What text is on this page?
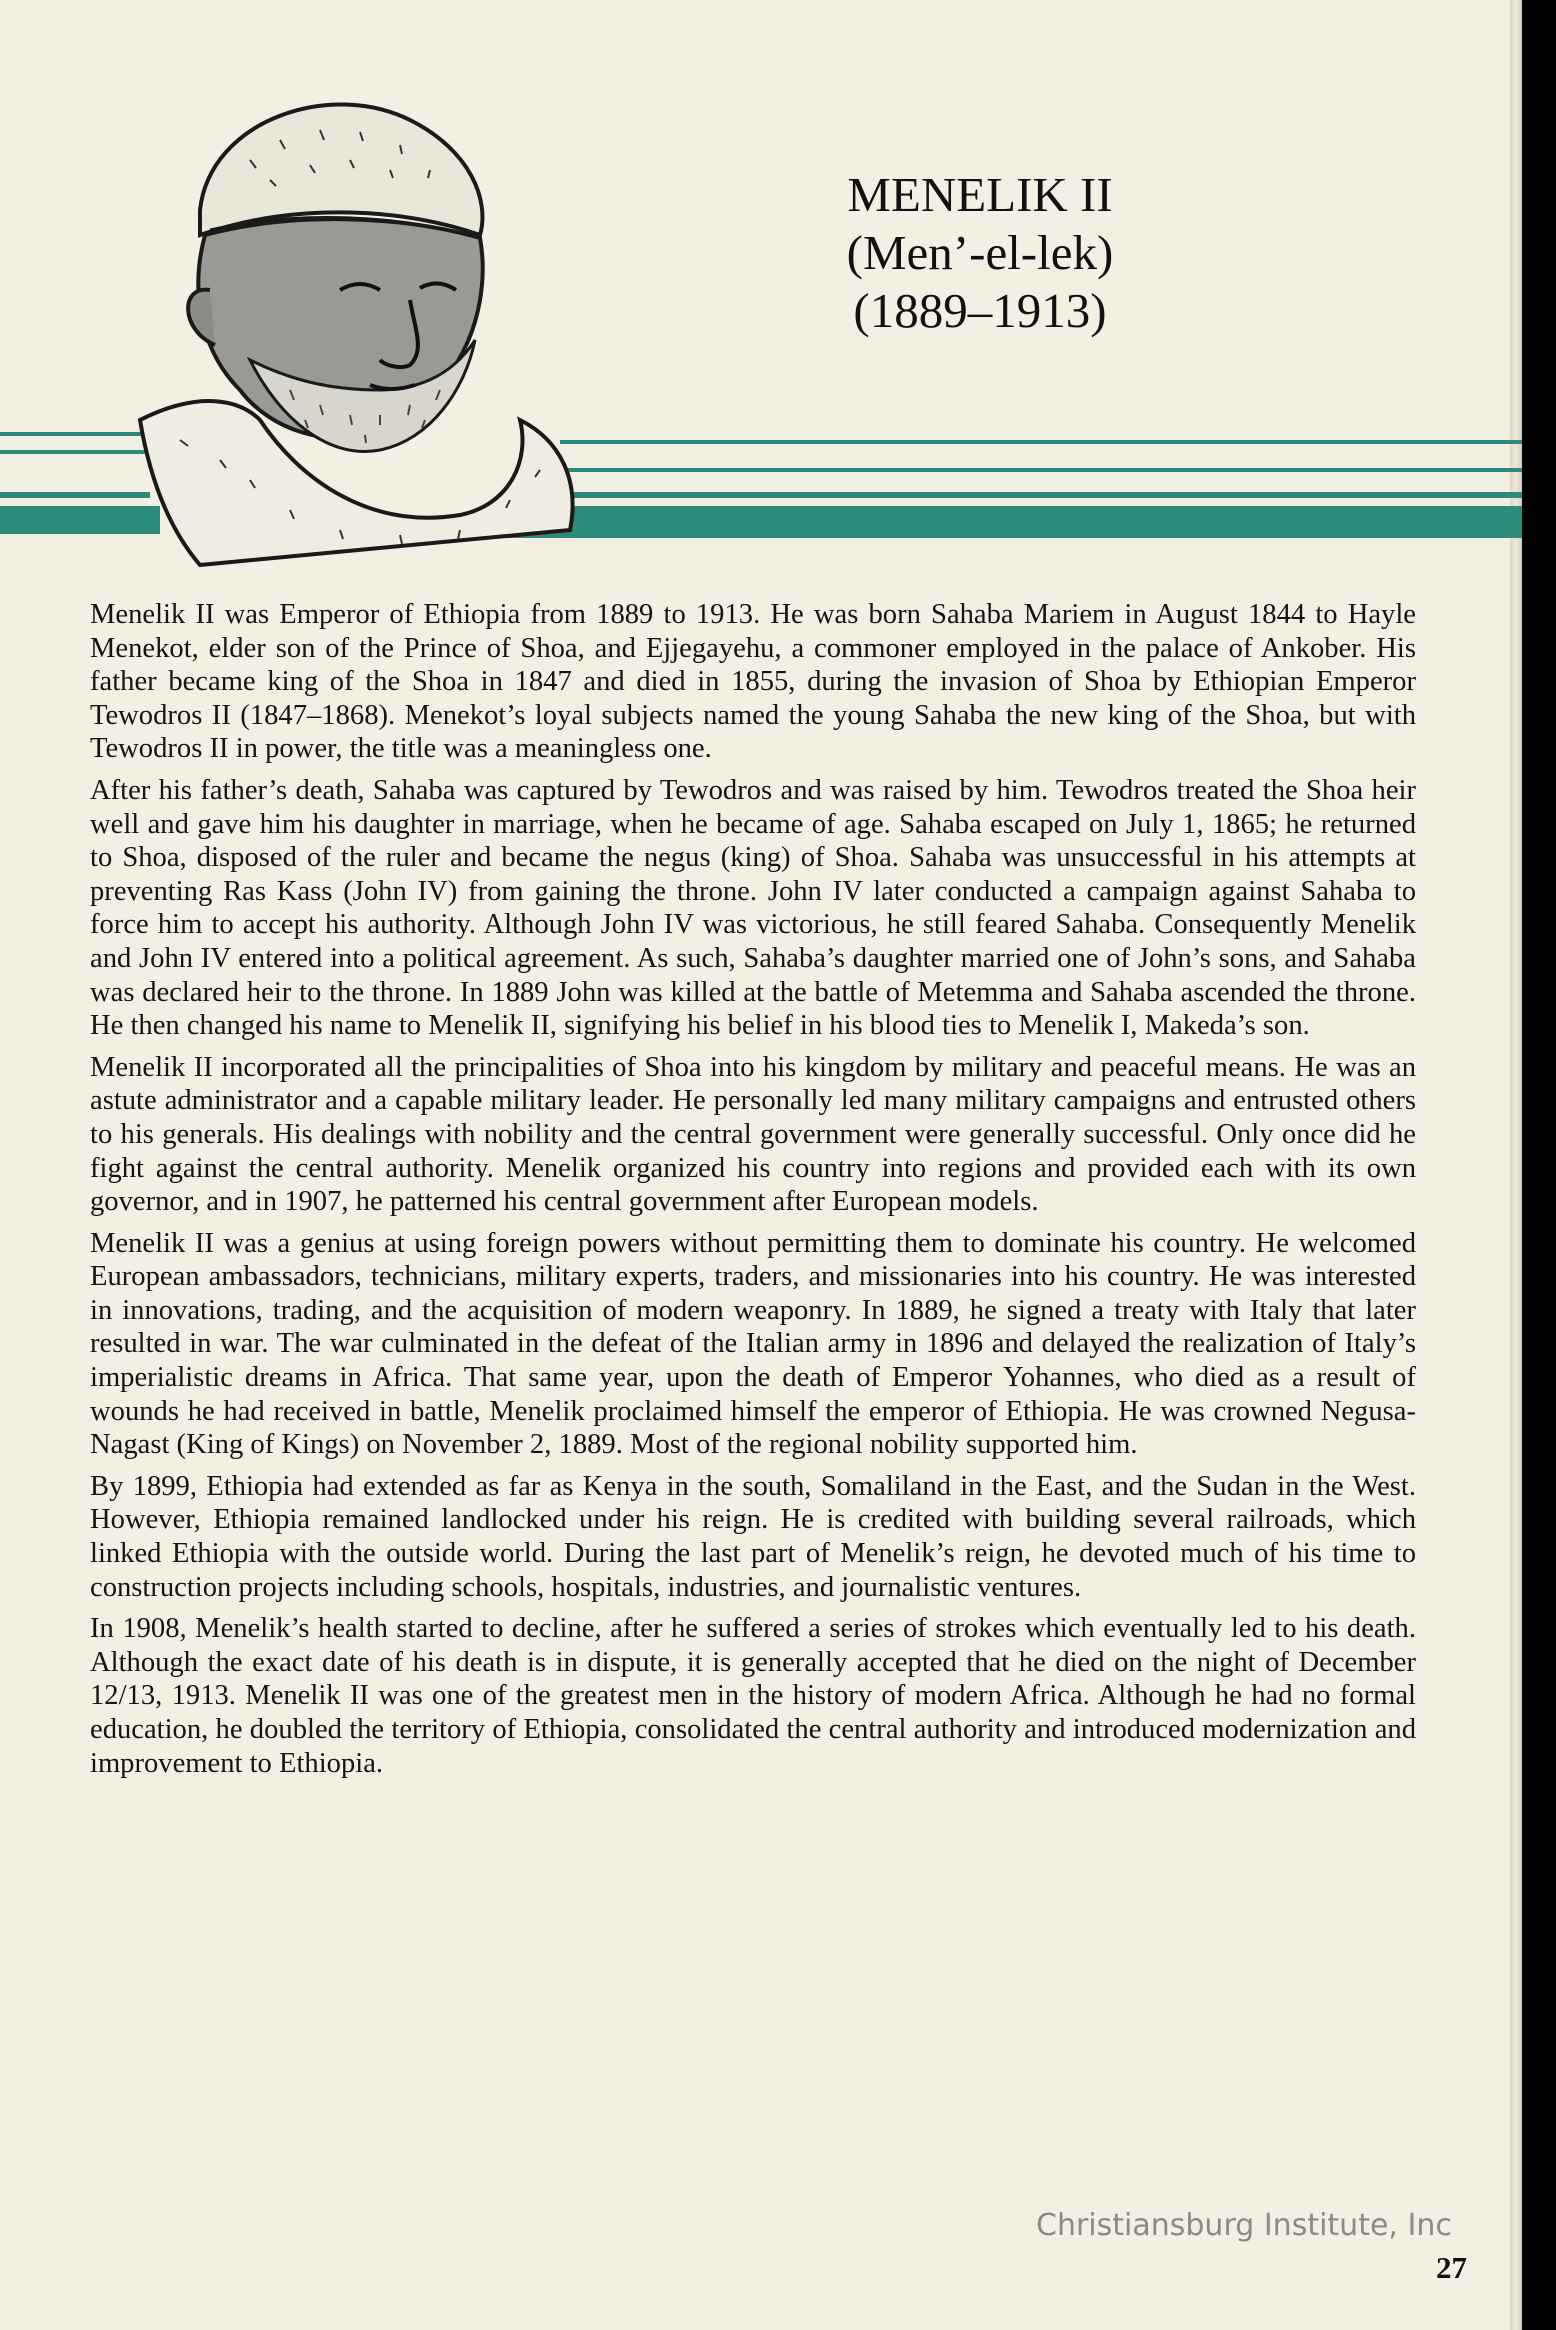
MENELIK II
(Men’-el-lek)
(1889–1913)

Menelik II was Emperor of Ethiopia from 1889 to 1913. He was born Sahaba Mariem in August 1844 to Hayle Menekot, elder son of the Prince of Shoa, and Ejjegayehu, a commoner employed in the palace of Ankober. His father became king of the Shoa in 1847 and died in 1855, during the invasion of Shoa by Ethiopian Emperor Tewodros II (1847–1868). Menekot’s loyal subjects named the young Sahaba the new king of the Shoa, but with Tewodros II in power, the title was a meaningless one.

After his father’s death, Sahaba was captured by Tewodros and was raised by him. Tewodros treated the Shoa heir well and gave him his daughter in marriage, when he became of age. Sahaba escaped on July 1, 1865; he returned to Shoa, disposed of the ruler and became the negus (king) of Shoa. Sahaba was unsuccessful in his attempts at preventing Ras Kass (John IV) from gaining the throne. John IV later conducted a campaign against Sahaba to force him to accept his authority. Although John IV was victorious, he still feared Sahaba. Consequently Menelik and John IV entered into a political agreement. As such, Sahaba’s daughter married one of John’s sons, and Sahaba was declared heir to the throne. In 1889 John was killed at the battle of Metemma and Sahaba ascended the throne. He then changed his name to Menelik II, signifying his belief in his blood ties to Menelik I, Makeda’s son.

Menelik II incorporated all the principalities of Shoa into his kingdom by military and peaceful means. He was an astute administrator and a capable military leader. He personally led many military campaigns and entrusted others to his generals. His dealings with nobility and the central government were generally successful. Only once did he fight against the central authority. Menelik organized his country into regions and provided each with its own governor, and in 1907, he patterned his central government after European models.

Menelik II was a genius at using foreign powers without permitting them to dominate his country. He welcomed European ambassadors, technicians, military experts, traders, and missionaries into his country. He was interested in innovations, trading, and the acquisition of modern weaponry. In 1889, he signed a treaty with Italy that later resulted in war. The war culminated in the defeat of the Italian army in 1896 and delayed the realization of Italy’s imperialistic dreams in Africa. That same year, upon the death of Emperor Yohannes, who died as a result of wounds he had received in battle, Menelik proclaimed himself the emperor of Ethiopia. He was crowned Negusa-Nagast (King of Kings) on November 2, 1889. Most of the regional nobility supported him.

By 1899, Ethiopia had extended as far as Kenya in the south, Somaliland in the East, and the Sudan in the West. However, Ethiopia remained landlocked under his reign. He is credited with building several railroads, which linked Ethiopia with the outside world. During the last part of Menelik’s reign, he devoted much of his time to construction projects including schools, hospitals, industries, and journalistic ventures.

In 1908, Menelik’s health started to decline, after he suffered a series of strokes which eventually led to his death. Although the exact date of his death is in dispute, it is generally accepted that he died on the night of December 12/13, 1913. Menelik II was one of the greatest men in the history of modern Africa. Although he had no formal education, he doubled the territory of Ethiopia, consolidated the central authority and introduced modernization and improvement to Ethiopia.

Christiansburg Institute, Inc
27
